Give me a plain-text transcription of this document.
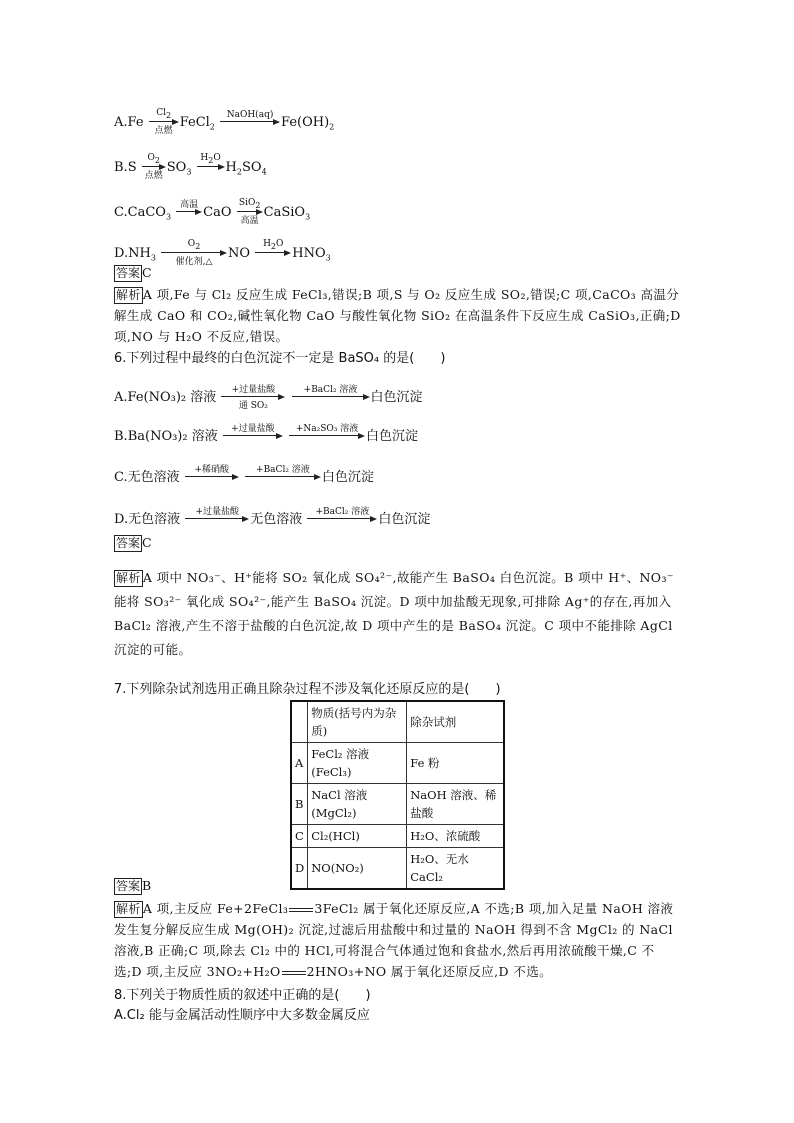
A.Fe
$Cl_2$
点燃
FeCl$_2$
NaOH(aq) $Fe(OH)_2$
B.S
$O_2$
点燃
$SO_3$
$H_2O$
$H_2SO_4$
C.CaCO$_3$
高温 CaO
SiO$_2$
高温
CaSiO$_3$
$D.NH_3$
$O_2$
催化剂,△
NO
$H_2O$
$HNO_3$
答案 C
解析 A 项,Fe 与 Cl₂ 反应生成 FeCl₃,错误;B 项,S 与 O₂ 反应生成 SO₂,错误;C 项,CaCO₃ 高温分解生成 CaO 和 CO₂,碱性氧化物 CaO 与酸性氧化物 SiO₂ 在高温条件下反应生成 CaSiO₃,正确;D 项,NO 与 H₂O 不反应,错误。
6.下列过程中最终的白色沉淀不一定是 BaSO₄ 的是(　　)
A.Fe(NO₃)₂ 溶液	+过量盐酸
通 SO₂

+BaCl₂ 溶液	白色沉淀
B.Ba(NO₃)₂ 溶液	+过量盐酸
	+Na₂SO₃ 溶液 白色沉淀
C.无色溶液	+稀硝酸
	+BaCl₂ 溶液 白色沉淀
D.无色溶液	+过量盐酸 无色溶液	+BaCl₂ 溶液 白色沉淀
答案 C
解析 A 项中 NO₃⁻、H⁺能将 SO₂ 氧化成 SO₄²⁻,故能产生 BaSO₄ 白色沉淀。B 项中 H⁺、NO₃⁻能将 SO₃²⁻ 氧化成 SO₄²⁻,能产生 BaSO₄ 沉淀。D 项中加盐酸无现象,可排除 Ag⁺的存在,再加入 BaCl₂ 溶液,产生不溶于盐酸的白色沉淀,故 D 项中产生的是 BaSO₄ 沉淀。C 项中不能排除 AgCl 沉淀的可能。
7.下列除杂试剂选用正确且除杂过程不涉及氧化还原反应的是(　　)
	物质(括号内为杂质)	除杂试剂
A	FeCl₂ 溶液(FeCl₃)	Fe 粉
B	NaCl 溶液(MgCl₂)	NaOH 溶液、稀盐酸
C	Cl₂(HCl)	H₂O、浓硫酸
D	NO(NO₂)	H₂O、无水 CaCl₂
答案 B
解析 A 项,主反应 Fe+2FeCl₃ 3FeCl₂ 属于氧化还原反应,A 不选;B 项,加入足量 NaOH 溶液发生复分解反应生成 Mg(OH)₂ 沉淀,过滤后用盐酸中和过量的 NaOH 得到不含 MgCl₂ 的 NaCl 溶液,B 正确;C 项,除去 Cl₂ 中的 HCl,可将混合气体通过饱和食盐水,然后再用浓硫酸干燥,C 不选;D 项,主反应 3NO₂+H₂O 2HNO₃+NO 属于氧化还原反应,D 不选。
8.下列关于物质性质的叙述中正确的是(　　)
A.Cl₂ 能与金属活动性顺序中大多数金属反应
